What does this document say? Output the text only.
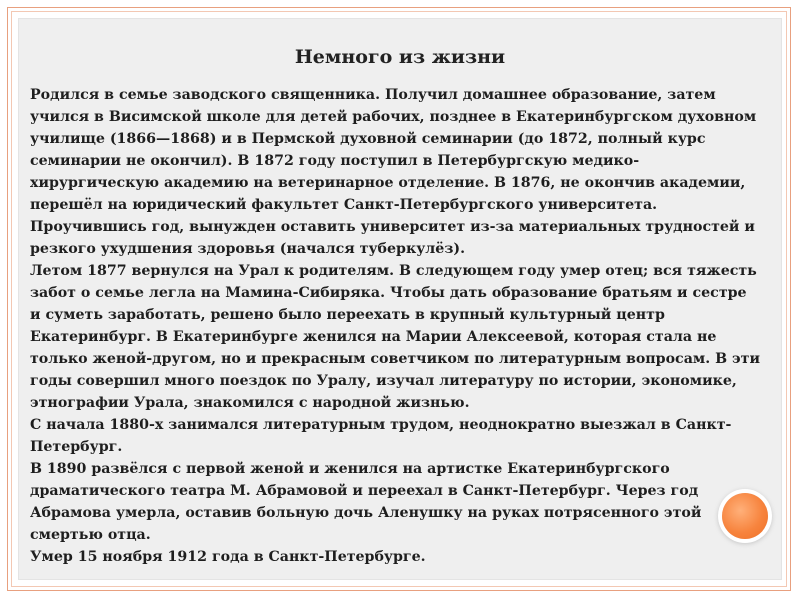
Немного из жизни

Родился в семье заводского священника. Получил домашнее образование, затем учился в Висимской школе для детей рабочих, позднее в Екатеринбургском духовном училище (1866—1868) и в Пермской духовной семинарии (до 1872, полный курс семинарии не окончил). В 1872 году поступил в Петербургскую медико-хирургическую академию на ветеринарное отделение. В 1876, не окончив академии, перешёл на юридический факультет Санкт-Петербургского университета. Проучившись год, вынужден оставить университет из-за материальных трудностей и резкого ухудшения здоровья (начался туберкулёз).

Летом 1877 вернулся на Урал к родителям. В следующем году умер отец; вся тяжесть забот о семье легла на Мамина-Сибиряка. Чтобы дать образование братьям и сестре и суметь заработать, решено было переехать в крупный культурный центр Екатеринбург. В Екатеринбурге женился на Марии Алексеевой, которая стала не только женой-другом, но и прекрасным советчиком по литературным вопросам. В эти годы совершил много поездок по Уралу, изучал литературу по истории, экономике, этнографии Урала, знакомился с народной жизнью.

С начала 1880-х занимался литературным трудом, неоднократно выезжал в Санкт-Петербург.

В 1890 развёлся с первой женой и женился на артистке Екатеринбургского драматического театра М. Абрамовой и переехал в Санкт-Петербург. Через год Абрамова умерла, оставив больную дочь Аленушку на руках потрясенного этой смертью отца.

Умер 15 ноября 1912 года в Санкт-Петербурге.
